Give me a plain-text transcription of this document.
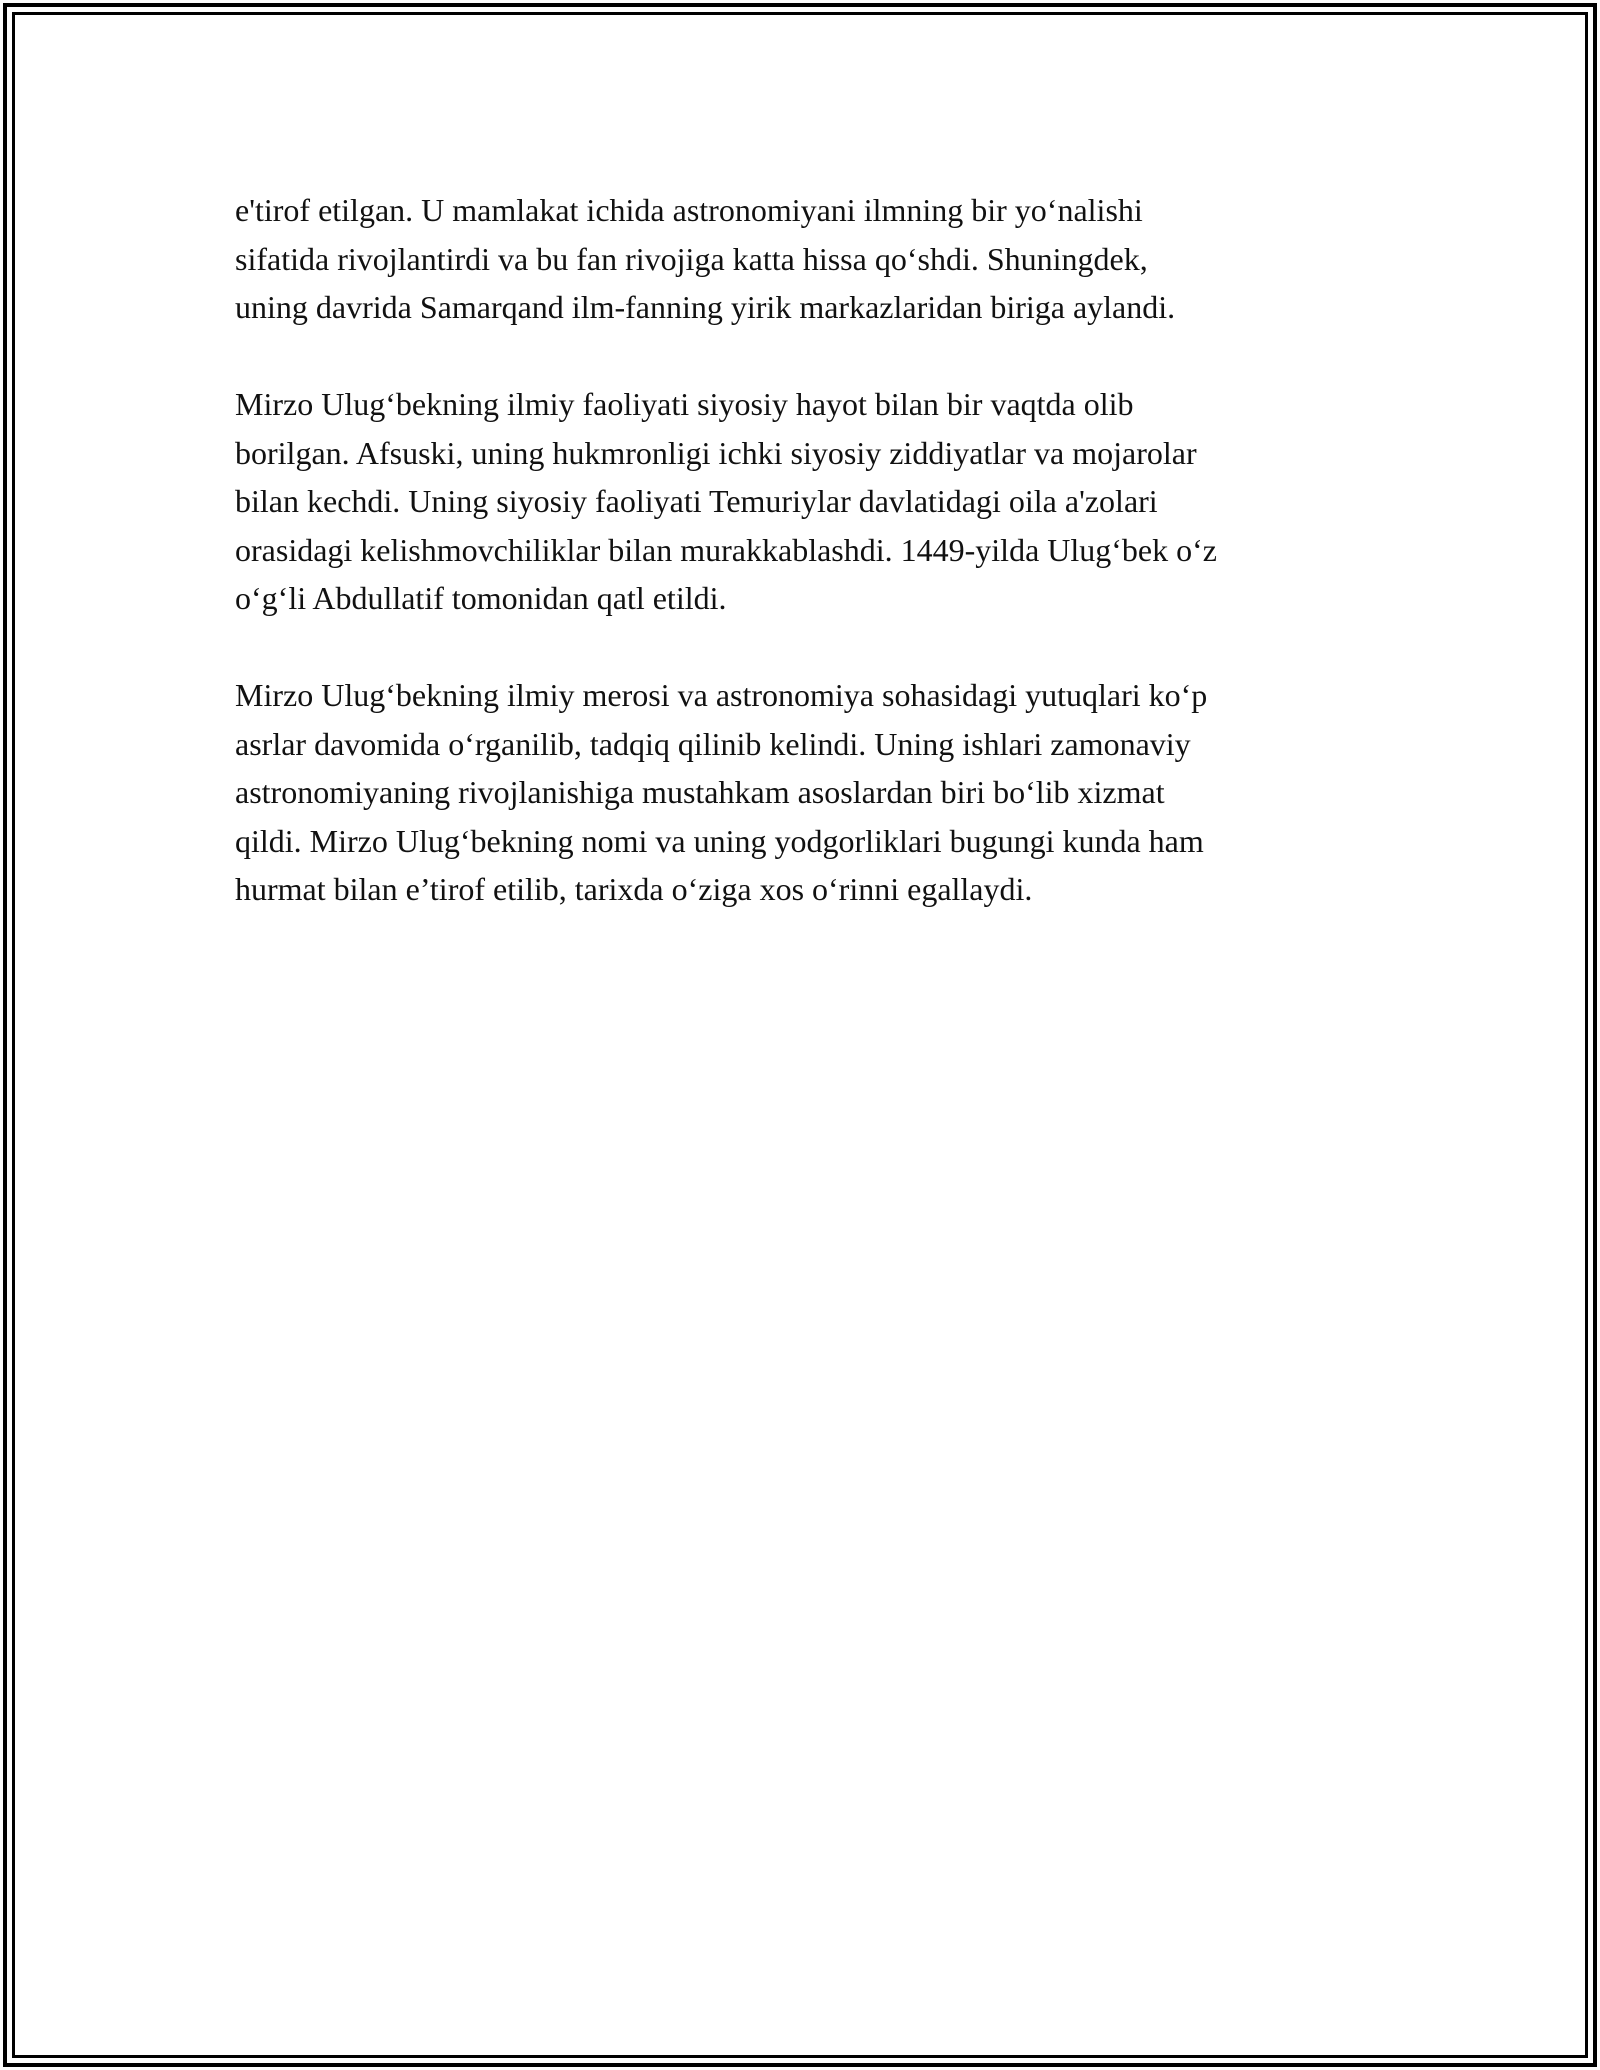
e'tirof etilgan. U mamlakat ichida astronomiyani ilmning bir yo‘nalishi
sifatida rivojlantirdi va bu fan rivojiga katta hissa qo‘shdi. Shuningdek,
uning davrida Samarqand ilm-fanning yirik markazlaridan biriga aylandi.

Mirzo Ulug‘bekning ilmiy faoliyati siyosiy hayot bilan bir vaqtda olib
borilgan. Afsuski, uning hukmronligi ichki siyosiy ziddiyatlar va mojarolar
bilan kechdi. Uning siyosiy faoliyati Temuriylar davlatidagi oila a'zolari
orasidagi kelishmovchiliklar bilan murakkablashdi. 1449-yilda Ulug‘bek o‘z
o‘g‘li Abdullatif tomonidan qatl etildi.

Mirzo Ulug‘bekning ilmiy merosi va astronomiya sohasidagi yutuqlari ko‘p
asrlar davomida o‘rganilib, tadqiq qilinib kelindi. Uning ishlari zamonaviy
astronomiyaning rivojlanishiga mustahkam asoslardan biri bo‘lib xizmat
qildi. Mirzo Ulug‘bekning nomi va uning yodgorliklari bugungi kunda ham
hurmat bilan e’tirof etilib, tarixda o‘ziga xos o‘rinni egallaydi.
